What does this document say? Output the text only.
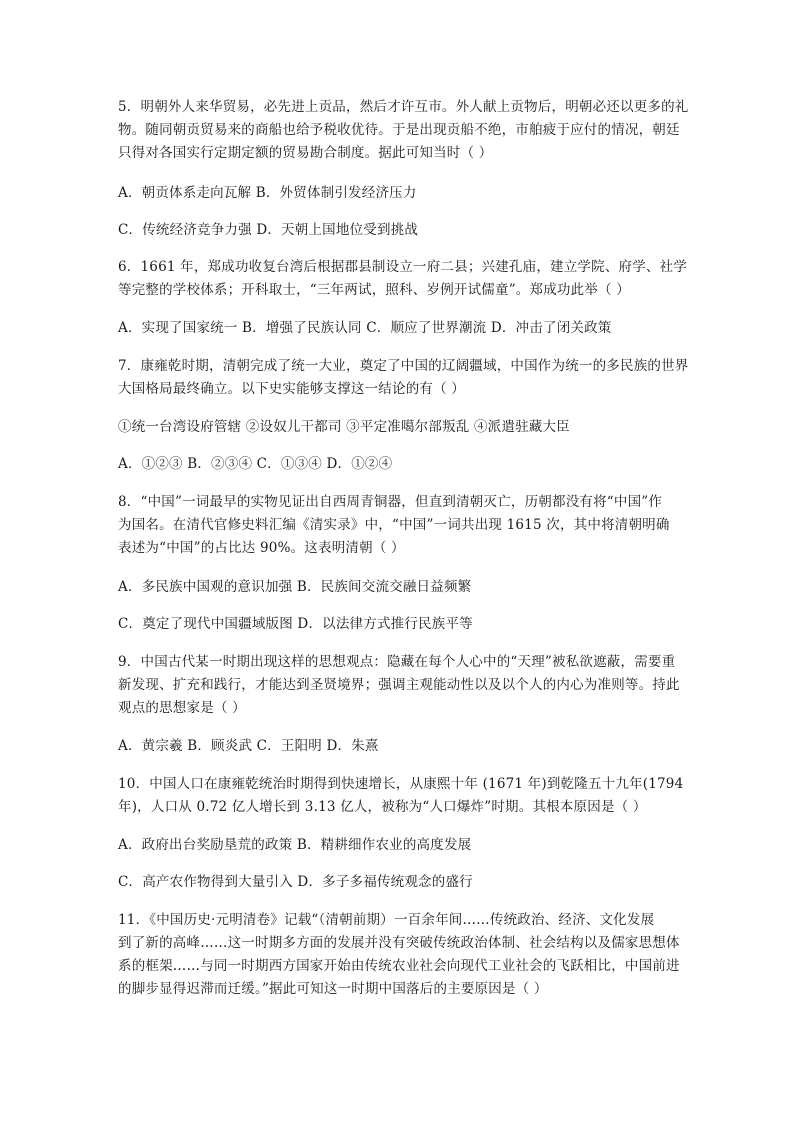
5．明朝外人来华贸易，必先进上贡品，然后才许互市。外人献上贡物后，明朝必还以更多的礼
物。随同朝贡贸易来的商船也给予税收优待。于是出现贡船不绝，市舶疲于应付的情况，朝廷
只得对各国实行定期定额的贸易勘合制度。据此可知当时（ ）
A．朝贡体系走向瓦解 B．外贸体制引发经济压力
C．传统经济竞争力强 D．天朝上国地位受到挑战
6．1661 年，郑成功收复台湾后根据郡县制设立一府二县；兴建孔庙，建立学院、府学、社学
等完整的学校体系；开科取士，“三年两试，照科、岁例开试儒童”。郑成功此举（ ）
A．实现了国家统一 B．增强了民族认同 C．顺应了世界潮流 D．冲击了闭关政策
7．康雍乾时期，清朝完成了统一大业，奠定了中国的辽阔疆域，中国作为统一的多民族的世界
大国格局最终确立。以下史实能够支撑这一结论的有（ ）
①统一台湾设府管辖 ②设奴儿干都司 ③平定准噶尔部叛乱 ④派遣驻藏大臣
A．①②③ B．②③④ C．①③④ D．①②④
8．“中国”一词最早的实物见证出自西周青铜器，但直到清朝灭亡，历朝都没有将“中国”作
为国名。在清代官修史料汇编《清实录》中，“中国”一词共出现 1615 次，其中将清朝明确
表述为“中国”的占比达 90%。这表明清朝（ ）
A．多民族中国观的意识加强 B．民族间交流交融日益频繁
C．奠定了现代中国疆域版图 D．以法律方式推行民族平等
9．中国古代某一时期出现这样的思想观点：隐藏在每个人心中的“天理”被私欲遮蔽，需要重
新发现、扩充和践行，才能达到圣贤境界；强调主观能动性以及以个人的内心为准则等。持此
观点的思想家是（ ）
A．黄宗羲 B．顾炎武 C．王阳明 D．朱熹
10．中国人口在康雍乾统治时期得到快速增长，从康熙十年 (1671 年)到乾隆五十九年(1794
年)，人口从 0.72 亿人增长到 3.13 亿人，被称为“人口爆炸”时期。其根本原因是（ ）
A．政府出台奖励垦荒的政策 B．精耕细作农业的高度发展
C．高产农作物得到大量引入 D．多子多福传统观念的盛行
11．《中国历史·元明清卷》记载“（清朝前期）一百余年间……传统政治、经济、文化发展
到了新的高峰……这一时期多方面的发展并没有突破传统政治体制、社会结构以及儒家思想体
系的框架……与同一时期西方国家开始由传统农业社会向现代工业社会的飞跃相比，中国前进
的脚步显得迟滞而迁缓。”据此可知这一时期中国落后的主要原因是（ ）
